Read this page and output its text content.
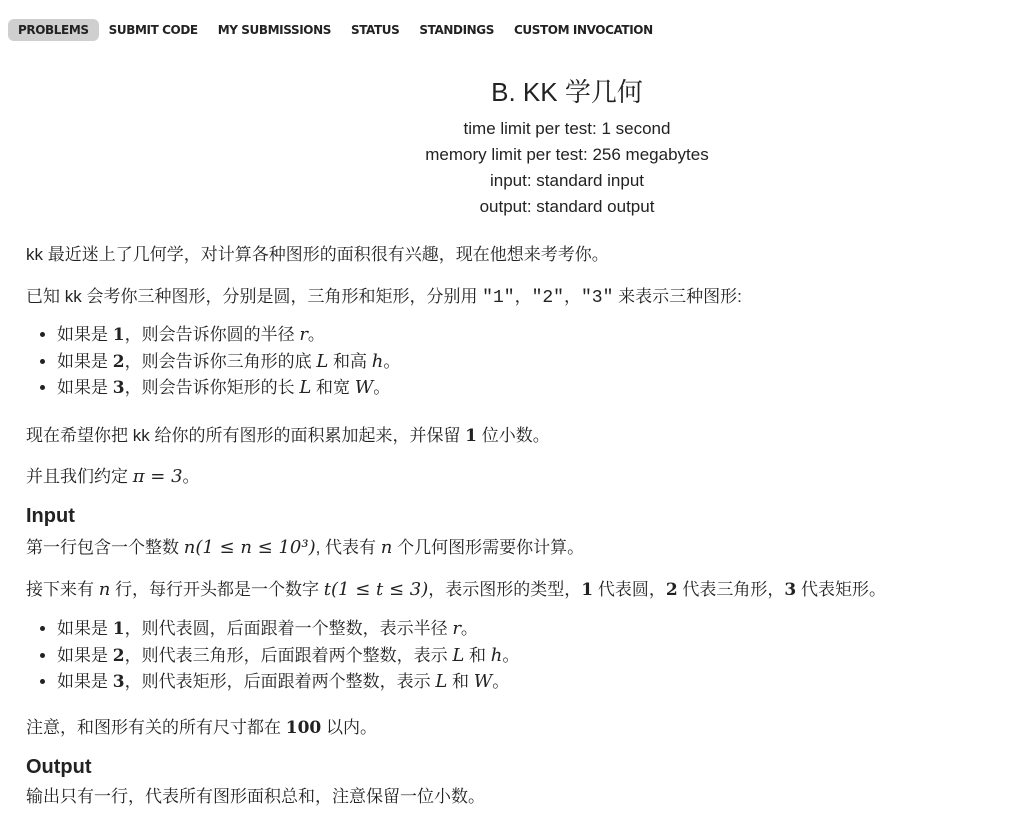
PROBLEMS	SUBMIT CODE	MY SUBMISSIONS	STATUS	STANDINGS	CUSTOM INVOCATION
B. KK 学几何
time limit per test: 1 second
memory limit per test: 256 megabytes
input: standard input
output: standard output
kk 最近迷上了几何学，对计算各种图形的面积很有兴趣，现在他想来考考你。
已知 kk 会考你三种图形，分别是圆，三角形和矩形，分别用 "1"，"2"，"3" 来表示三种图形:
• 如果是 1，则会告诉你圆的半径 r。
• 如果是 2，则会告诉你三角形的底 L 和高 h。
• 如果是 3，则会告诉你矩形的长 L 和宽 W。
现在希望你把 kk 给你的所有图形的面积累加起来，并保留 1 位小数。
并且我们约定 π = 3。
Input
第一行包含一个整数 n(1 ≤ n ≤ 10³), 代表有 n 个几何图形需要你计算。
接下来有 n 行，每行开头都是一个数字 t(1 ≤ t ≤ 3)，表示图形的类型，1 代表圆，2 代表三角形，3 代表矩形。
• 如果是 1，则代表圆，后面跟着一个整数，表示半径 r。
• 如果是 2，则代表三角形，后面跟着两个整数，表示 L 和 h。
• 如果是 3，则代表矩形，后面跟着两个整数，表示 L 和 W。
注意，和图形有关的所有尺寸都在 100 以内。
Output
输出只有一行，代表所有图形面积总和，注意保留一位小数。
